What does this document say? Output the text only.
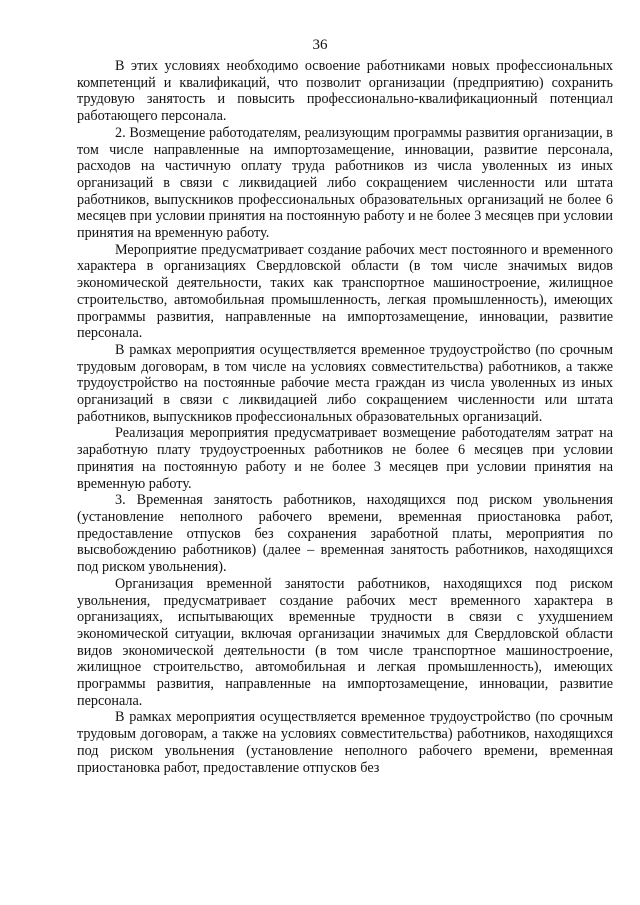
36

В этих условиях необходимо освоение работниками новых профессиональных компетенций и квалификаций, что позволит организации (предприятию) сохранить трудовую занятость и повысить профессионально-квалификационный потенциал работающего персонала.

2. Возмещение работодателям, реализующим программы развития организации, в том числе направленные на импортозамещение, инновации, развитие персонала, расходов на частичную оплату труда работников из числа уволенных из иных организаций в связи с ликвидацией либо сокращением численности или штата работников, выпускников профессиональных образовательных организаций не более 6 месяцев при условии принятия на постоянную работу и не более 3 месяцев при условии принятия на временную работу.

Мероприятие предусматривает создание рабочих мест постоянного и временного характера в организациях Свердловской области (в том числе значимых видов экономической деятельности, таких как транспортное машиностроение, жилищное строительство, автомобильная промышленность, легкая промышленность), имеющих программы развития, направленные на импортозамещение, инновации, развитие персонала.

В рамках мероприятия осуществляется временное трудоустройство (по срочным трудовым договорам, в том числе на условиях совместительства) работников, а также трудоустройство на постоянные рабочие места граждан из числа уволенных из иных организаций в связи с ликвидацией либо сокращением численности или штата работников, выпускников профессиональных образовательных организаций.

Реализация мероприятия предусматривает возмещение работодателям затрат на заработную плату трудоустроенных работников не более 6 месяцев при условии принятия на постоянную работу и не более 3 месяцев при условии принятия на временную работу.

3. Временная занятость работников, находящихся под риском увольнения (установление неполного рабочего времени, временная приостановка работ, предоставление отпусков без сохранения заработной платы, мероприятия по высвобождению работников) (далее – временная занятость работников, находящихся под риском увольнения).

Организация временной занятости работников, находящихся под риском увольнения, предусматривает создание рабочих мест временного характера в организациях, испытывающих временные трудности в связи с ухудшением экономической ситуации, включая организации значимых для Свердловской области видов экономической деятельности (в том числе транспортное машиностроение, жилищное строительство, автомобильная и легкая промышленность), имеющих программы развития, направленные на импортозамещение, инновации, развитие персонала.

В рамках мероприятия осуществляется временное трудоустройство (по срочным трудовым договорам, а также на условиях совместительства) работников, находящихся под риском увольнения (установление неполного рабочего времени, временная приостановка работ, предоставление отпусков без
